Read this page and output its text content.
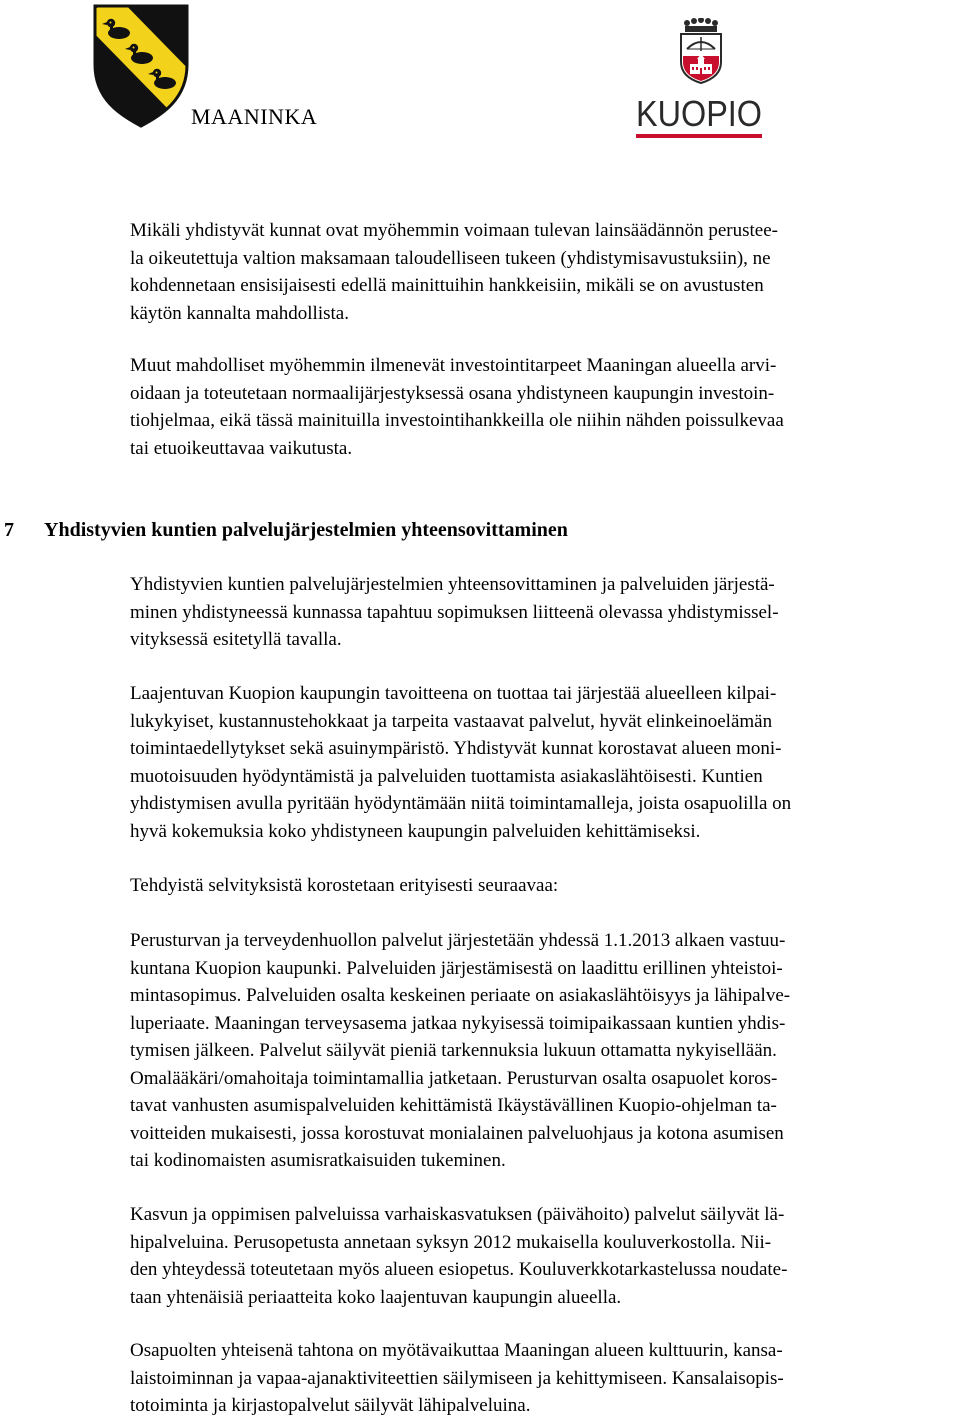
MAANINKA	KUOPIO
Mikäli yhdistyvät kunnat ovat myöhemmin voimaan tulevan lainsäädännön perustee-
la oikeutettuja valtion maksamaan taloudelliseen tukeen (yhdistymisavustuksiin), ne
kohdennetaan ensisijaisesti edellä mainittuihin hankkeisiin, mikäli se on avustusten
käytön kannalta mahdollista.
Muut mahdolliset myöhemmin ilmenevät investointitarpeet Maaningan alueella arvi-
oidaan ja toteutetaan normaalijärjestyksessä osana yhdistyneen kaupungin investoin-
tiohjelmaa, eikä tässä mainituilla investointihankkeilla ole niihin nähden poissulkevaa
tai etuoikeuttavaa vaikutusta.
7 Yhdistyvien kuntien palvelujärjestelmien yhteensovittaminen
Yhdistyvien kuntien palvelujärjestelmien yhteensovittaminen ja palveluiden järjestä-
minen yhdistyneessä kunnassa tapahtuu sopimuksen liitteenä olevassa yhdistymissel-
vityksessä esitetyllä tavalla.
Laajentuvan Kuopion kaupungin tavoitteena on tuottaa tai järjestää alueelleen kilpai-
lukykyiset, kustannustehokkaat ja tarpeita vastaavat palvelut, hyvät elinkeinoelämän
toimintaedellytykset sekä asuinympäristö. Yhdistyvät kunnat korostavat alueen moni-
muotoisuuden hyödyntämistä ja palveluiden tuottamista asiakaslähtöisesti. Kuntien
yhdistymisen avulla pyritään hyödyntämään niitä toimintamalleja, joista osapuolilla on
hyvä kokemuksia koko yhdistyneen kaupungin palveluiden kehittämiseksi.
Tehdyistä selvityksistä korostetaan erityisesti seuraavaa:
Perusturvan ja terveydenhuollon palvelut järjestetään yhdessä 1.1.2013 alkaen vastuu-
kuntana Kuopion kaupunki. Palveluiden järjestämisestä on laadittu erillinen yhteistoi-
mintasopimus. Palveluiden osalta keskeinen periaate on asiakaslähtöisyys ja lähipalve-
luperiaate. Maaningan terveysasema jatkaa nykyisessä toimipaikassaan kuntien yhdis-
tymisen jälkeen. Palvelut säilyvät pieniä tarkennuksia lukuun ottamatta nykyisellään.
Omalääkäri/omahoitaja toimintamallia jatketaan. Perusturvan osalta osapuolet koros-
tavat vanhusten asumispalveluiden kehittämistä Ikäystävällinen Kuopio-ohjelman ta-
voitteiden mukaisesti, jossa korostuvat monialainen palveluohjaus ja kotona asumisen
tai kodinomaisten asumisratkaisuiden tukeminen.
Kasvun ja oppimisen palveluissa varhaiskasvatuksen (päivähoito) palvelut säilyvät lä-
hipalveluina. Perusopetusta annetaan syksyn 2012 mukaisella kouluverkostolla. Nii-
den yhteydessä toteutetaan myös alueen esiopetus. Kouluverkkotarkastelussa noudate-
taan yhtenäisiä periaatteita koko laajentuvan kaupungin alueella.
Osapuolten yhteisenä tahtona on myötävaikuttaa Maaningan alueen kulttuurin, kansa-
laistoiminnan ja vapaa-ajanaktiviteettien säilymiseen ja kehittymiseen. Kansalaisopis-
totoiminta ja kirjastopalvelut säilyvät lähipalveluina.
